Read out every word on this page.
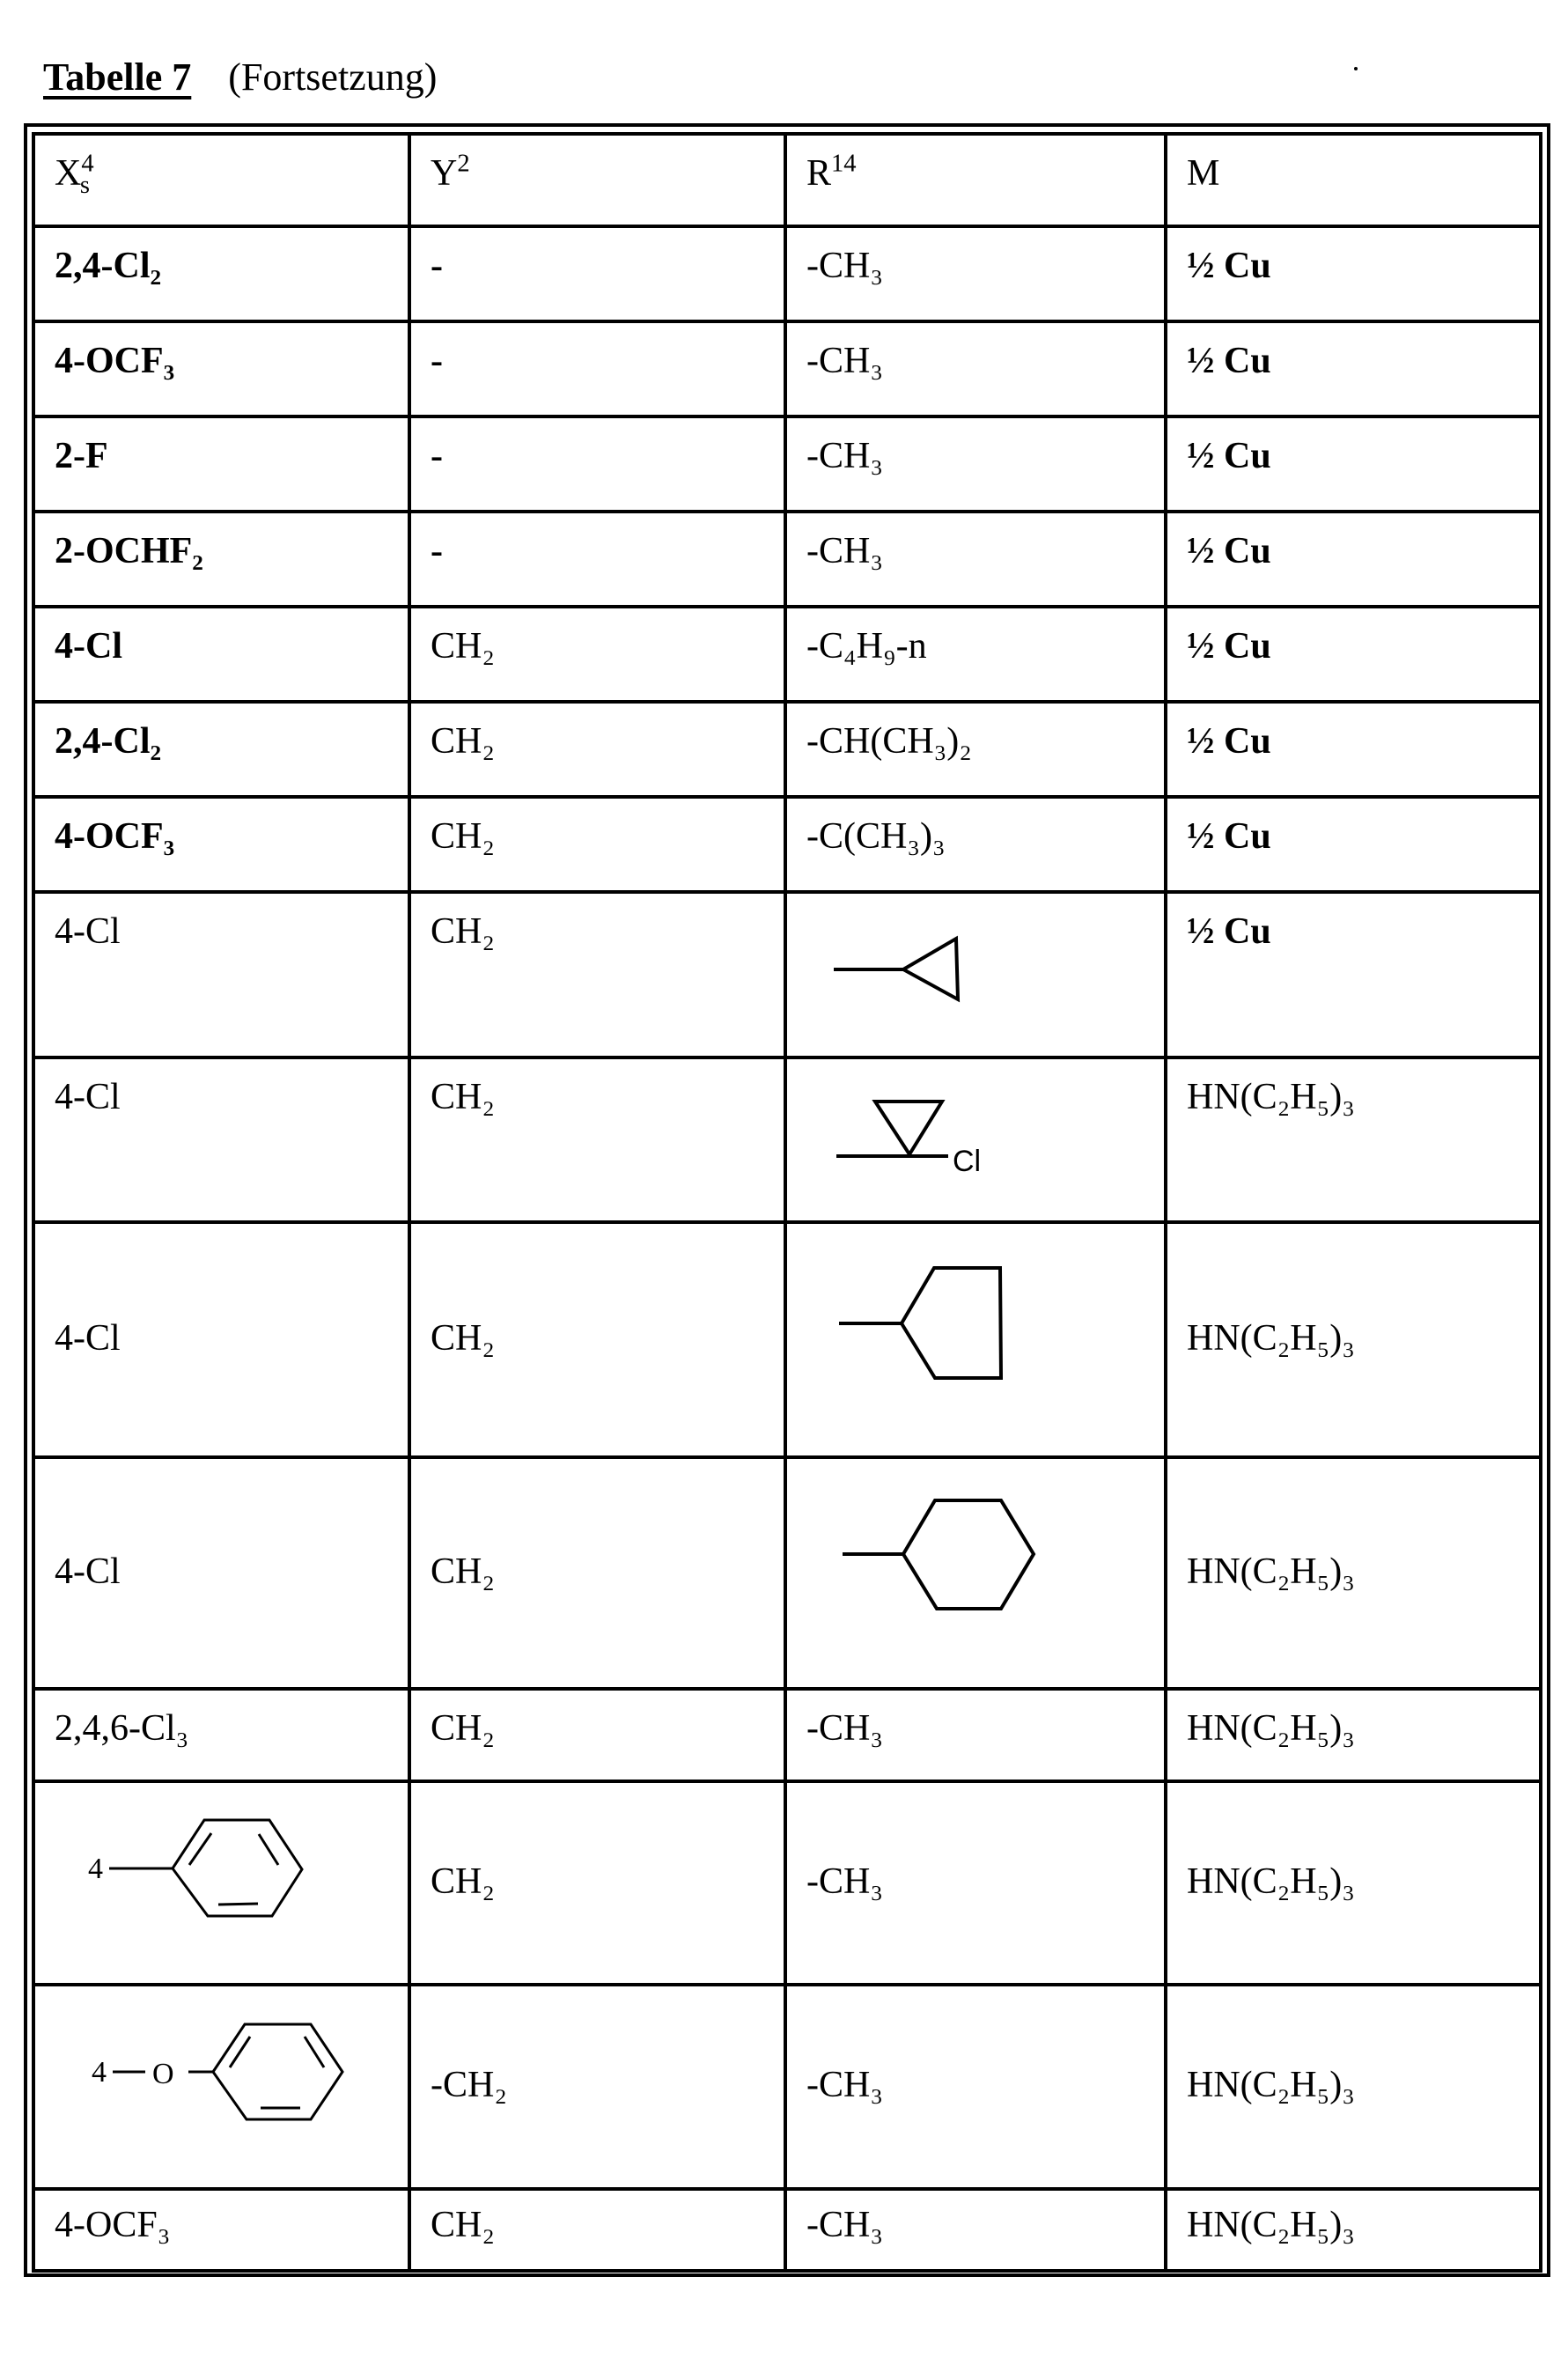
Tabelle 7 (Fortsetzung)
$X^4_s$	$Y^2$	$R^{14}$	M
2,4-Cl₂	-	-CH₃	½ Cu
4-OCF₃	-	-CH₃	½ Cu
2-F	-	-CH₃	½ Cu
2-OCHF₂	-	-CH₃	½ Cu
4-Cl	CH₂	-C₄H₉-n	½ Cu
2,4-Cl₂	CH₂	-CH(CH₃)₂	½ Cu
4-OCF₃	CH₂	-C(CH₃)₃	½ Cu
4-Cl	CH₂		½ Cu
4-Cl	CH₂	Cl	HN(C₂H₅)₃

4-Cl	CH₂		HN(C₂H₅)₃

4-Cl	CH₂		HN(C₂H₅)₃

2,4,6-Cl₃	CH₂	-CH₃	HN(C₂H₅)₃

4	CH₂	-CH₃	HN(C₂H₅)₃

4 O	-CH₂	-CH₃	HN(C₂H₅)₃

4-OCF₃	CH₂	-CH₃	HN(C₂H₅)₃
